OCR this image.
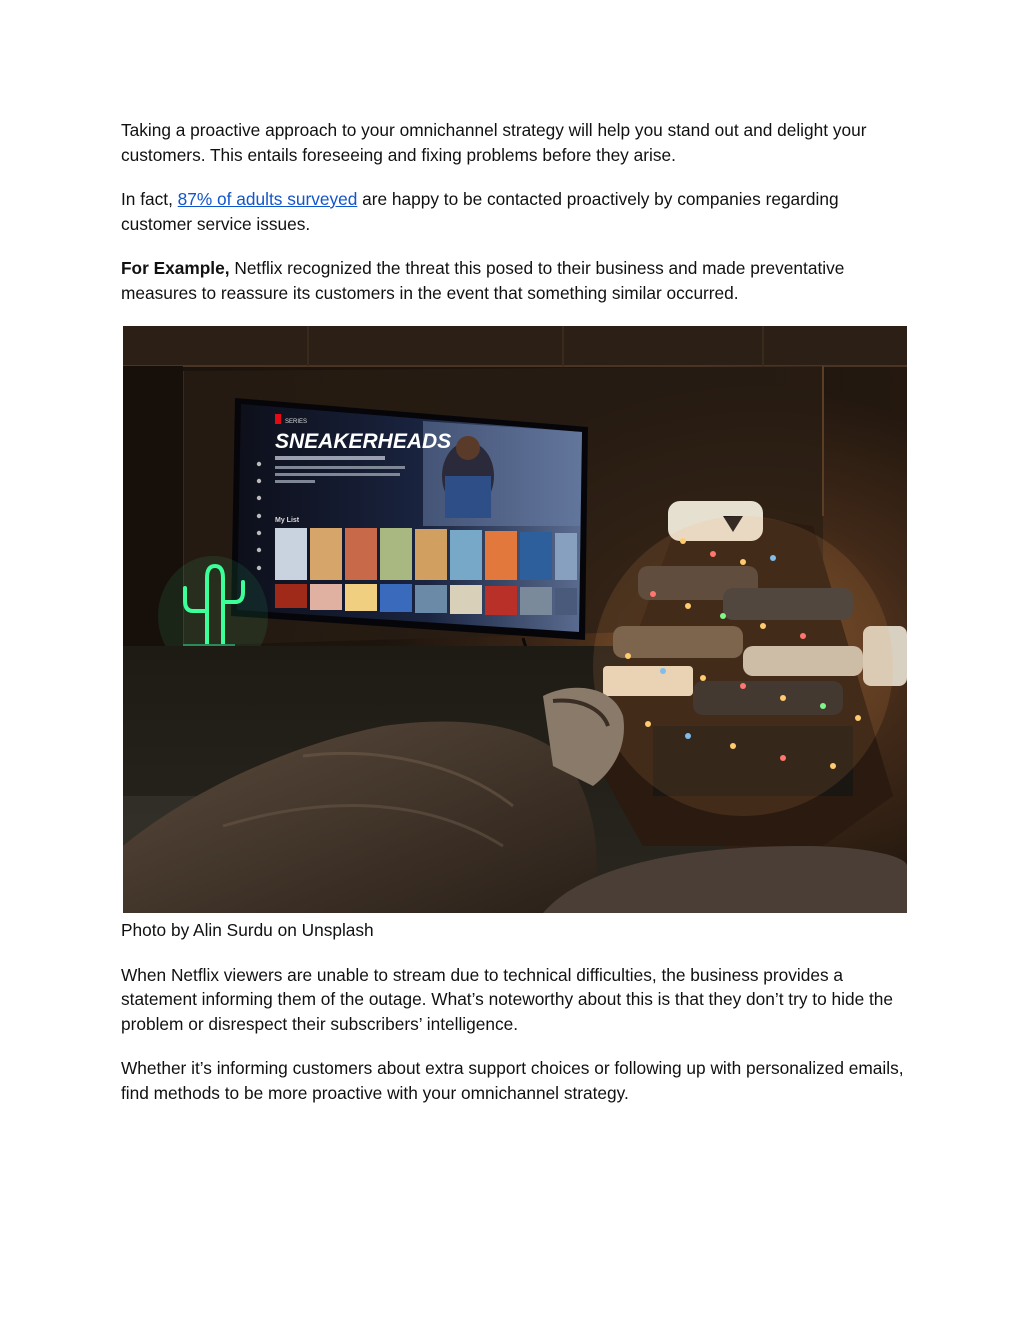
Taking a proactive approach to your omnichannel strategy will help you stand out and delight your customers. This entails foreseeing and fixing problems before they arise.

In fact, 87% of adults surveyed are happy to be contacted proactively by companies regarding customer service issues.

For Example, Netflix recognized the threat this posed to their business and made preventative measures to reassure its customers in the event that something similar occurred.

SERIES
SNEAKERHEADS
My List

Photo by Alin Surdu on Unsplash

When Netflix viewers are unable to stream due to technical difficulties, the business provides a statement informing them of the outage. What’s noteworthy about this is that they don’t try to hide the problem or disrespect their subscribers’ intelligence.

Whether it’s informing customers about extra support choices or following up with personalized emails, find methods to be more proactive with your omnichannel strategy.
